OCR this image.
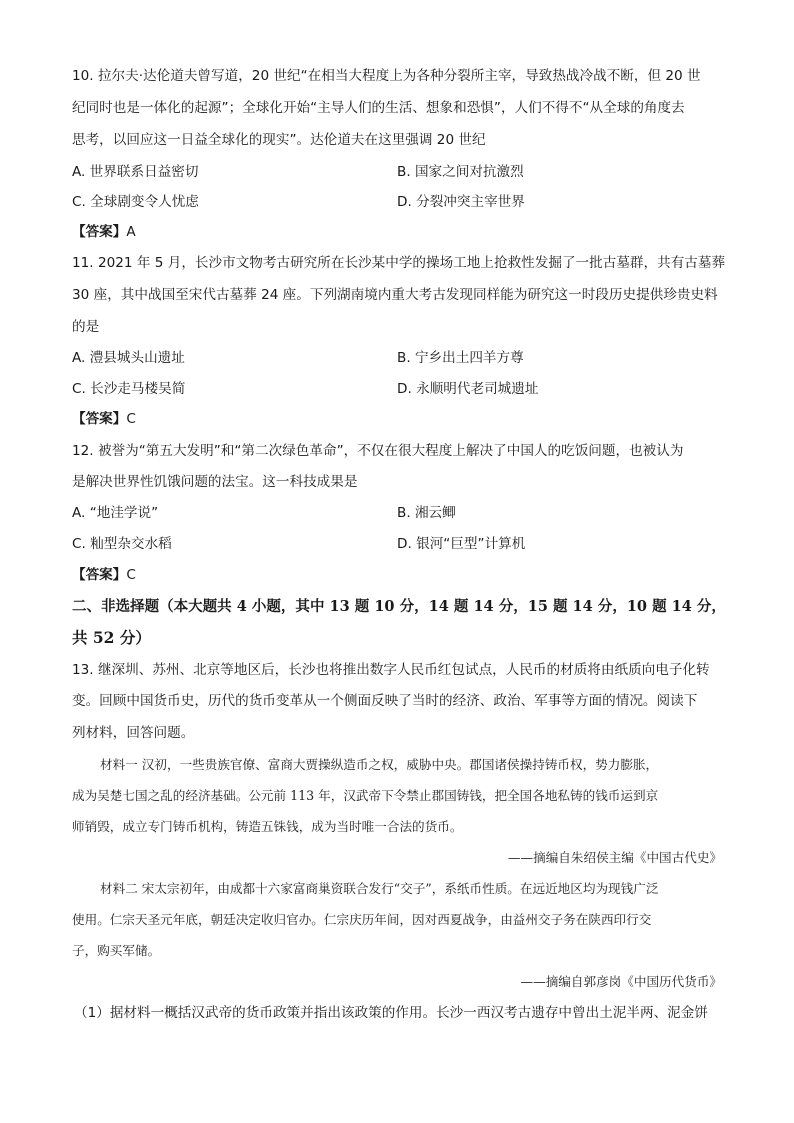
10. 拉尔夫·达伦道夫曾写道，20 世纪“在相当大程度上为各种分裂所主宰，导致热战冷战不断，但 20 世
纪同时也是一体化的起源”；全球化开始“主导人们的生活、想象和恐惧”，人们不得不“从全球的角度去
思考，以回应这一日益全球化的现实”。达伦道夫在这里强调 20 世纪
A. 世界联系日益密切	B. 国家之间对抗激烈
C. 全球剧变令人忧虑	D. 分裂冲突主宰世界
【答案】A
11. 2021 年 5 月，长沙市文物考古研究所在长沙某中学的操场工地上抢救性发掘了一批古墓群，共有古墓葬
30 座，其中战国至宋代古墓葬 24 座。下列湖南境内重大考古发现同样能为研究这一时段历史提供珍贵史料
的是
A. 澧县城头山遗址	B. 宁乡出土四羊方尊
C. 长沙走马楼吴简	D. 永顺明代老司城遗址
【答案】C
12. 被誉为“第五大发明”和“第二次绿色革命”，不仅在很大程度上解决了中国人的吃饭问题，也被认为
是解决世界性饥饿问题的法宝。这一科技成果是
A. “地洼学说”	B. 湘云鲫
C. 籼型杂交水稻	D. 银河“巨型”计算机
【答案】C
二、非选择题（本大题共 4 小题，其中 13 题 10 分，14 题 14 分，15 题 14 分，10 题 14 分，
共 52 分）
13. 继深圳、苏州、北京等地区后，长沙也将推出数字人民币红包试点，人民币的材质将由纸质向电子化转
变。回顾中国货币史，历代的货币变革从一个侧面反映了当时的经济、政治、军事等方面的情况。阅读下
列材料，回答问题。
材料一 汉初，一些贵族官僚、富商大贾操纵造币之权，威胁中央。郡国诸侯操持铸币权，势力膨胀，
成为吴楚七国之乱的经济基础。公元前 113 年，汉武帝下令禁止郡国铸钱，把全国各地私铸的钱币运到京
师销毁，成立专门铸币机构，铸造五铢钱，成为当时唯一合法的货币。
——摘编自朱绍侯主编《中国古代史》
材料二 宋太宗初年，由成都十六家富商巢资联合发行“交子”，系纸币性质。在远近地区均为现钱广泛
使用。仁宗天圣元年底，朝廷决定收归官办。仁宗庆历年间，因对西夏战争，由益州交子务在陕西印行交
子，购买军储。
——摘编自郭彦岗《中国历代货币》
（1）据材料一概括汉武帝的货币政策并指出该政策的作用。长沙一西汉考古遗存中曾出土泥半两、泥金饼
